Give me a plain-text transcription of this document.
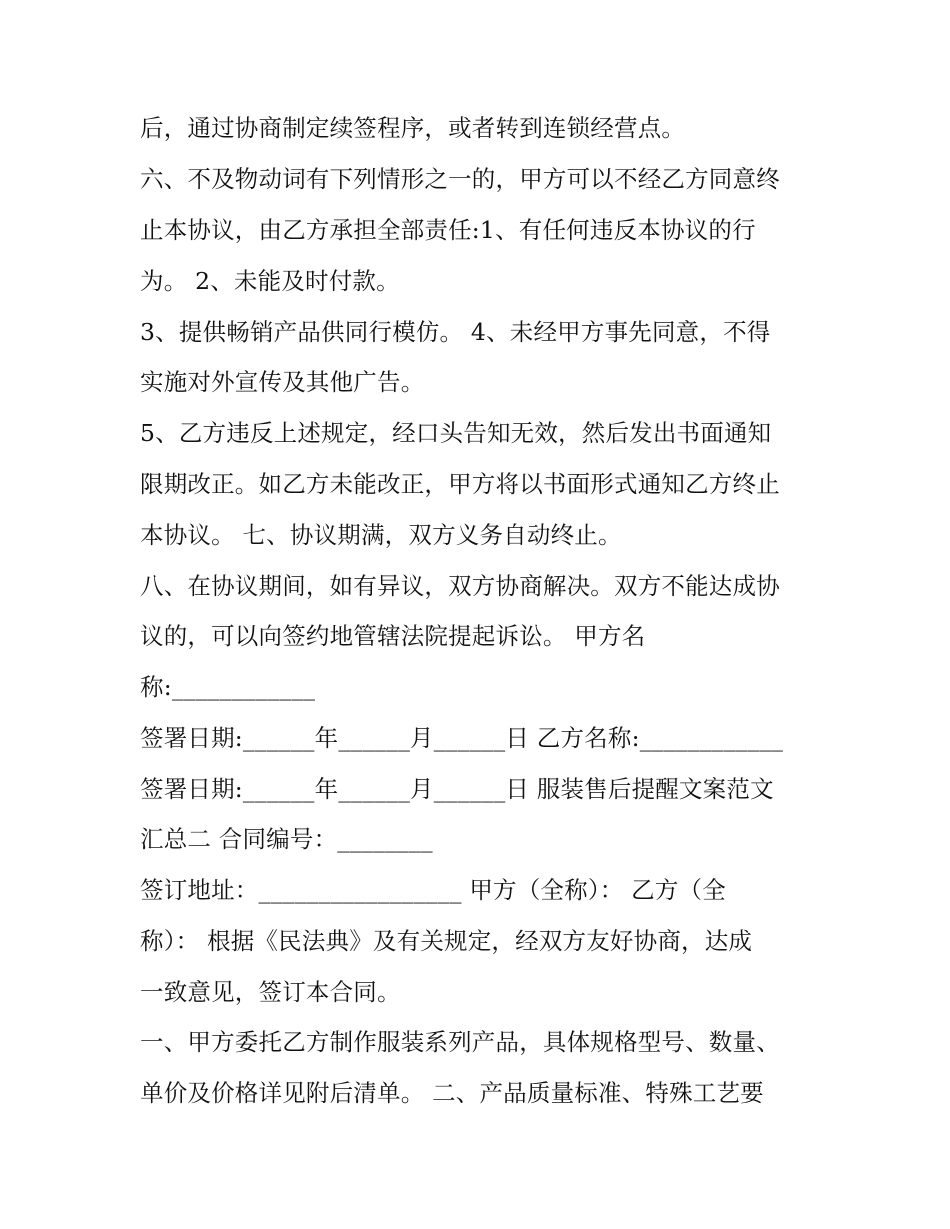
后，通过协商制定续签程序，或者转到连锁经营点。
六、不及物动词有下列情形之一的，甲方可以不经乙方同意终
止本协议，由乙方承担全部责任:1、有任何违反本协议的行
为。 2、未能及时付款。
3、提供畅销产品供同行模仿。 4、未经甲方事先同意，不得
实施对外宣传及其他广告。
5、乙方违反上述规定，经口头告知无效，然后发出书面通知
限期改正。如乙方未能改正，甲方将以书面形式通知乙方终止
本协议。 七、协议期满，双方义务自动终止。
八、在协议期间，如有异议，双方协商解决。双方不能达成协
议的，可以向签约地管辖法院提起诉讼。 甲方名
称:____________
签署日期:______年______月______日 乙方名称:____________
签署日期:______年______月______日 服装售后提醒文案范文
汇总二 合同编号：________
签订地址：_________________ 甲方（全称）： 乙方（全
称）： 根据《民法典》及有关规定，经双方友好协商，达成
一致意见，签订本合同。
一、甲方委托乙方制作服装系列产品，具体规格型号、数量、
单价及价格详见附后清单。 二、产品质量标准、特殊工艺要
